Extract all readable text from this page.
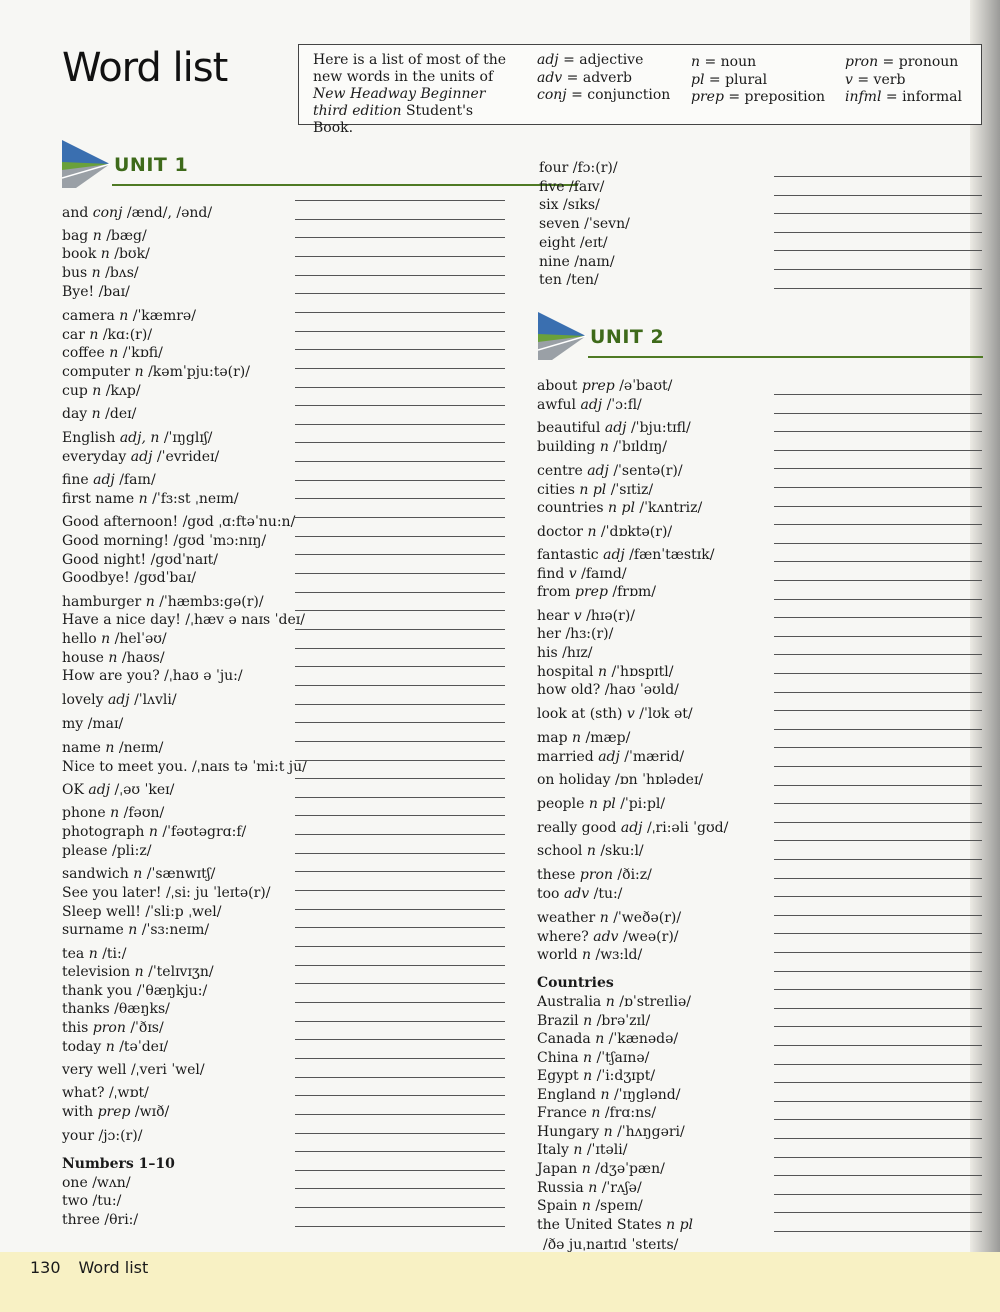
Word list	Here is a list of most of the new words in the units of New Headway Beginner third edition Student's Book.

adj = adjective
adv = adverb
conj = conjunction
n = noun
pl = plural
prep = preposition
pron = pronoun
v = verb
infml = informal
UNIT 1
UNIT 2
and conj /ænd/, /ənd/
bag n /bæg/
book n /bʊk/
bus n /bʌs/
Bye! /baɪ/
camera n /ˈkæmrə/
car n /kɑ:(r)/
coffee n /ˈkɒfi/
computer n /kəmˈpju:tə(r)/
cup n /kʌp/
day n /deɪ/
English adj, n /ˈɪŋglɪʃ/
everyday adj /ˈevrideɪ/
fine adj /faɪn/
first name n /ˈfɜ:st ˌneɪm/
Good afternoon! /gʊd ˌɑ:ftəˈnu:n/
Good morning! /gʊd ˈmɔ:nɪŋ/
Good night! /gʊdˈnaɪt/
Goodbye! /gʊdˈbaɪ/
hamburger n /ˈhæmbɜ:gə(r)/
Have a nice day! /ˌhæv ə naɪs ˈdeɪ/
hello n /helˈəʊ/
house n /haʊs/
How are you? /ˌhaʊ ə ˈju:/
lovely adj /ˈlʌvli/
my /maɪ/
name n /neɪm/
Nice to meet you. /ˌnaɪs tə ˈmi:t ju/
OK adj /ˌəʊ ˈkeɪ/
phone n /fəʊn/
photograph n /ˈfəʊtəgrɑ:f/
please /pli:z/
sandwich n /ˈsænwɪtʃ/
See you later! /ˌsi: ju ˈleɪtə(r)/
Sleep well! /ˈsli:p ˌwel/
surname n /ˈsɜ:neɪm/
tea n /ti:/
television n /ˈtelɪvɪʒn/
thank you /ˈθæŋkju:/
thanks /θæŋks/
this pron /ˈðɪs/
today n /təˈdeɪ/
very well /ˌveri ˈwel/
what? /ˌwɒt/
with prep /wɪð/
your /jɔ:(r)/
Numbers 1–10
one /wʌn/
two /tu:/
three /θri:/
four /fɔ:(r)/
five /faɪv/
six /sɪks/
seven /ˈsevn/
eight /eɪt/
nine /naɪn/
ten /ten/
about prep /əˈbaʊt/
awful adj /ˈɔ:fl/
beautiful adj /ˈbju:tɪfl/
building n /ˈbɪldɪŋ/
centre adj /ˈsentə(r)/
cities n pl /ˈsɪtiz/
countries n pl /ˈkʌntriz/
doctor n /ˈdɒktə(r)/
fantastic adj /fænˈtæstɪk/
find v /faɪnd/
from prep /frɒm/
hear v /hɪə(r)/
her /hɜ:(r)/
his /hɪz/
hospital n /ˈhɒspɪtl/
how old? /haʊ ˈəʊld/
look at (sth) v /ˈlʊk ət/
map n /mæp/
married adj /ˈmærid/
on holiday /ɒn ˈhɒlədeɪ/
people n pl /ˈpi:pl/
really good adj /ˌri:əli ˈgʊd/
school n /sku:l/
these pron /ði:z/
too adv /tu:/
weather n /ˈweðə(r)/
where? adv /weə(r)/
world n /wɜ:ld/
Countries
Australia n /ɒˈstreɪliə/
Brazil n /brəˈzɪl/
Canada n /ˈkænədə/
China n /ˈtʃaɪnə/
Egypt n /ˈi:dʒɪpt/
England n /ˈɪŋglənd/
France n /frɑ:ns/
Hungary n /ˈhʌŋgəri/
Italy n /ˈɪtəli/
Japan n /dʒəˈpæn/
Russia n /ˈrʌʃə/
Spain n /speɪn/
the United States n pl
/ðə juˌnaɪtɪd ˈsteɪts/
130 Word list
